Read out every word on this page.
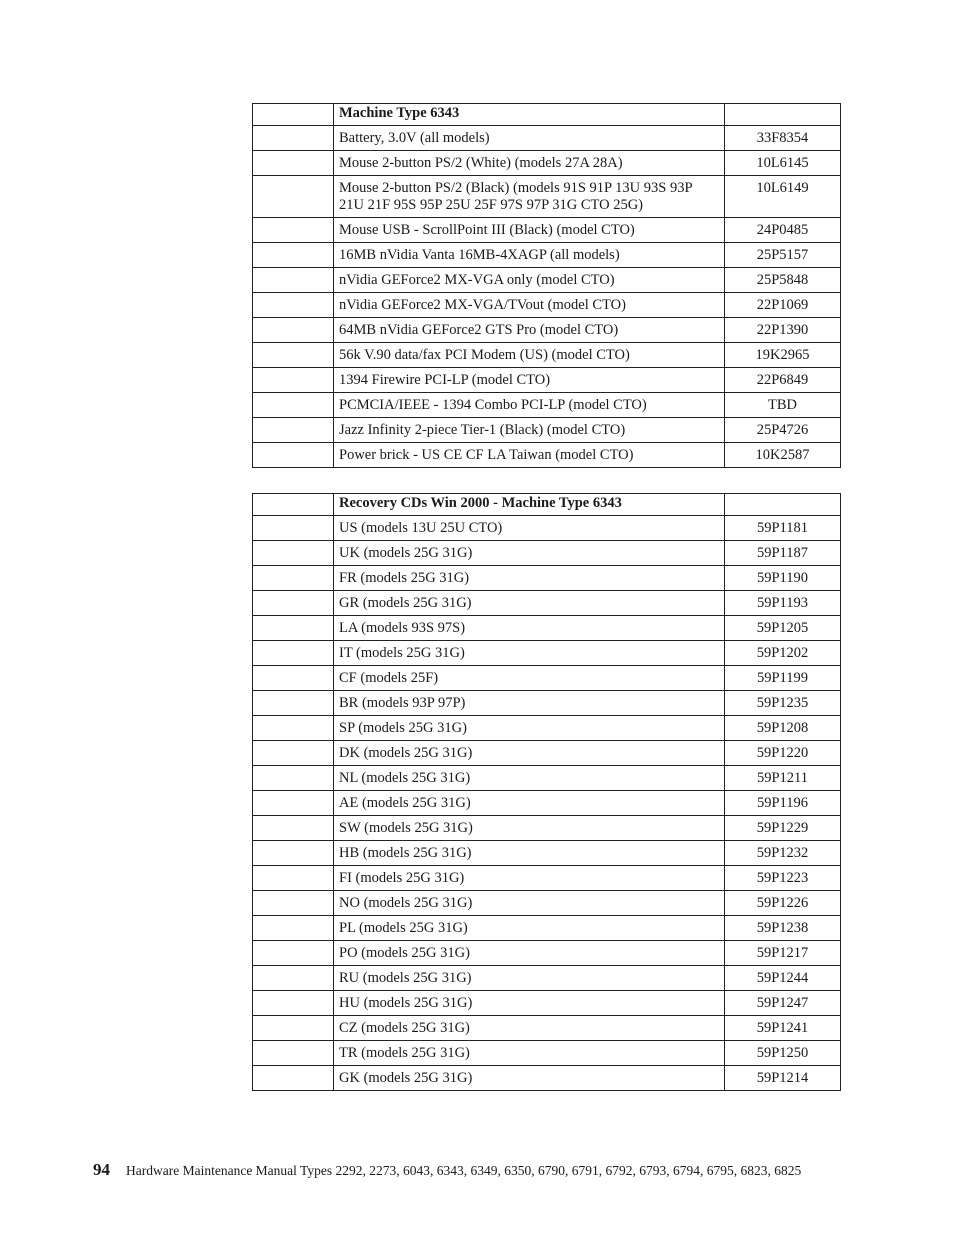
	Machine Type 6343	
	Battery, 3.0V (all models)	33F8354
	Mouse 2-button PS/2 (White) (models 27A 28A)	10L6145
	Mouse 2-button PS/2 (Black) (models 91S 91P 13U 93S 93P 21U 21F 95S 95P 25U 25F 97S 97P 31G CTO 25G)	10L6149
	Mouse USB - ScrollPoint III (Black) (model CTO)	24P0485
	16MB nVidia Vanta 16MB-4XAGP (all models)	25P5157
	nVidia GEForce2 MX-VGA only (model CTO)	25P5848
	nVidia GEForce2 MX-VGA/TVout (model CTO)	22P1069
	64MB nVidia GEForce2 GTS Pro (model CTO)	22P1390
	56k V.90 data/fax PCI Modem (US) (model CTO)	19K2965
	1394 Firewire PCI-LP (model CTO)	22P6849
	PCMCIA/IEEE - 1394 Combo PCI-LP (model CTO)	TBD
	Jazz Infinity 2-piece Tier-1 (Black) (model CTO)	25P4726
	Power brick - US CE CF LA Taiwan (model CTO)	10K2587
	Recovery CDs Win 2000 - Machine Type 6343	
	US (models 13U 25U CTO)	59P1181
	UK (models 25G 31G)	59P1187
	FR (models 25G 31G)	59P1190
	GR (models 25G 31G)	59P1193
	LA (models 93S 97S)	59P1205
	IT (models 25G 31G)	59P1202
	CF (models 25F)	59P1199
	BR (models 93P 97P)	59P1235
	SP (models 25G 31G)	59P1208
	DK (models 25G 31G)	59P1220
	NL (models 25G 31G)	59P1211
	AE (models 25G 31G)	59P1196
	SW (models 25G 31G)	59P1229
	HB (models 25G 31G)	59P1232
	FI (models 25G 31G)	59P1223
	NO (models 25G 31G)	59P1226
	PL (models 25G 31G)	59P1238
	PO (models 25G 31G)	59P1217
	RU (models 25G 31G)	59P1244
	HU (models 25G 31G)	59P1247
	CZ (models 25G 31G)	59P1241
	TR (models 25G 31G)	59P1250
	GK (models 25G 31G)	59P1214
94 Hardware Maintenance Manual Types 2292, 2273, 6043, 6343, 6349, 6350, 6790, 6791, 6792, 6793, 6794, 6795, 6823, 6825
